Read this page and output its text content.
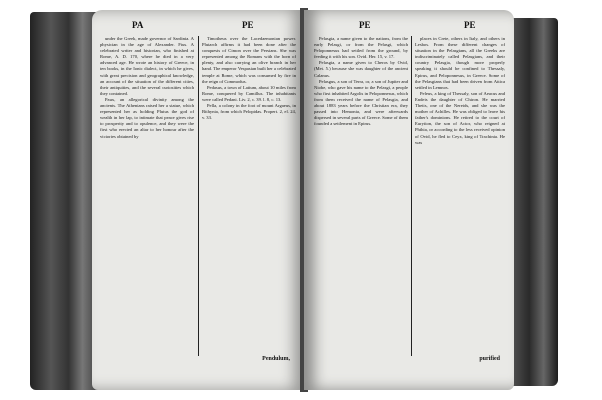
PA	PE

under the Greek, made governor of Sardinia. A physician in the age of Alexander. Fius. A celebrated writer and historian, who finished at Rome, A. D. 170, where he died in a very advanced age. He wrote an history of Greece, in ten books, in the Ionic dialect, in which he gives, with great precision and geographical knowledge, an account of the situation of the different cities, their antiquities, and the several curiosities which they contained.

Paux, an allegorical divinity among the ancients. The Athenians raised her a statue, which represented her as holding Plutus the god of wealth in her lap, to intimate that peace gives rise to prosperity and to opulence, and they were the first who erected an altar to her honour after the victories obtained by

Timotheus over the Lacedaemonian power. Plutarch affirms it had been done after the conquests of Cimon over the Persians. She was represented among the Romans with the horn of plenty, and also carrying an olive branch in her hand. The emperor Vespasian built her a celebrated temple at Rome, which was consumed by fire in the reign of Commodus.

Pedasus, a town of Latium, about 10 miles from Rome, conquered by Camillus. The inhabitants were called Pedani. Liv. 2, c. 39. l. 8, c. 13.

Pella, a colony in the foot of mount Argaeus, in Bithynia, from which Pelopidas. Propert. 2, el. 24, v. 33.

Pendulum,
PE	PE

Pelasgia, a name given to the nations, from the early Pelasgi, or from the Pelasgi, which Peloponnesus had settled from the ground, by feeding it with his son. Ovid. Her. 15, v. 17.

Pelasgia, a name given to Cheros by Ovid, (Met. 5.) because she was daughter of the ancient Calanus.

Pelasgus, a son of Terra, or, a son of Jupiter and Niobe, who gave his name to the Pelasgi, a people who first inhabited Argolis in Peloponnesus, which from them received the name of Pelasgia, and about 1883 years before the Christian era, they passed into Hemonia, and were afterwards dispersed in several parts of Greece. Some of them founded a settlement in Epirus.

places in Crete, others in Italy, and others in Lesbos. From these different changes of situation in the Pelasgians, all the Greeks are indiscriminately called Pelasgians, and their country Pelasgia, though more properly speaking it should be confined to Thessaly, Epirus, and Peloponnesus, in Greece. Some of the Pelasgians that had been driven from Attica settled in Lemnos.

Peleus, a king of Thessaly, son of Aeacus and Endeis the daughter of Chiron. He married Thetis, one of the Nereids, and she was the mother of Achilles. He was obliged to leave his father's dominions. He retired to the court of Eurytion, the son of Actor, who reigned at Phthia, or according to the less received opinion of Ovid, he fled to Ceyx, king of Trachinia. He was

purified
